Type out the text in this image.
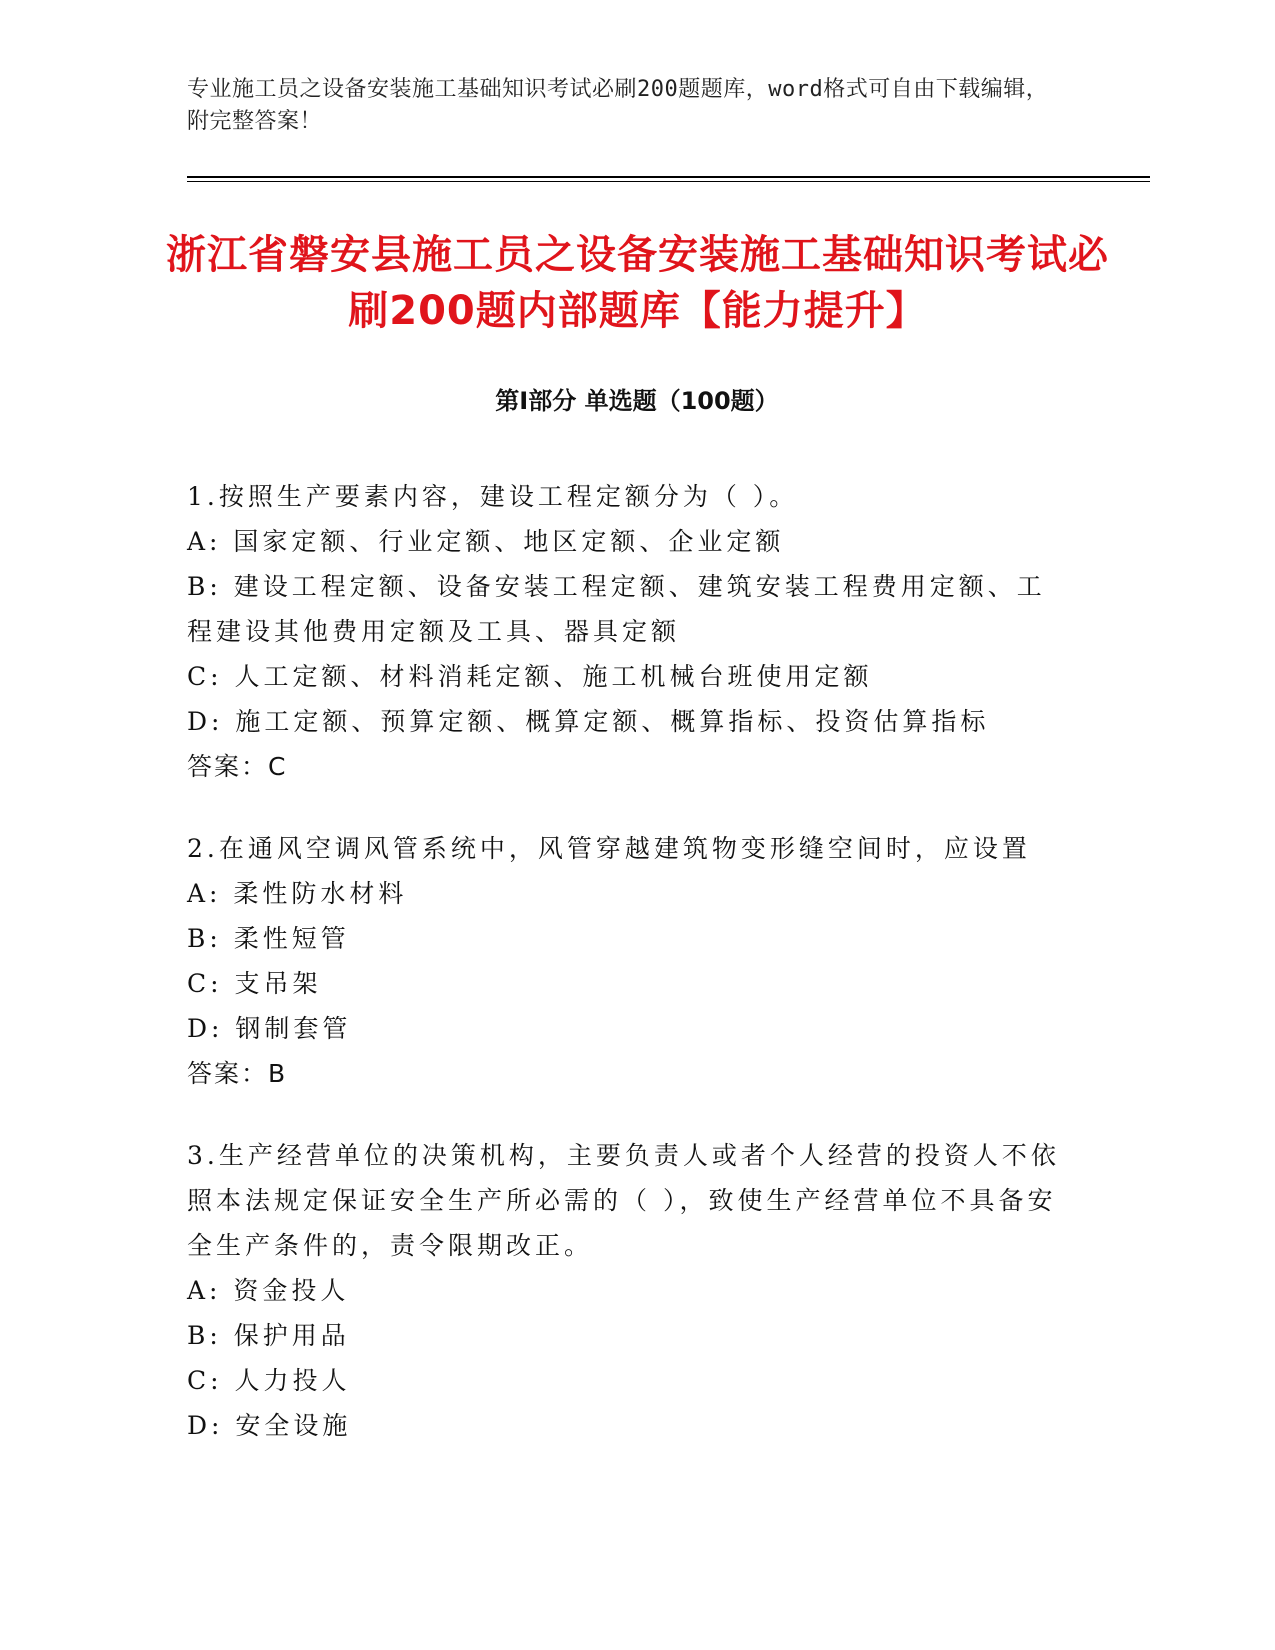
专业施工员之设备安装施工基础知识考试必刷200题题库，word格式可自由下载编辑，附完整答案！
浙江省磐安县施工员之设备安装施工基础知识考试必刷200题内部题库【能力提升】
第I部分 单选题（100题）
1.按照生产要素内容，建设工程定额分为（ ）。
A: 国家定额、行业定额、地区定额、企业定额
B: 建设工程定额、设备安装工程定额、建筑安装工程费用定额、工程建设其他费用定额及工具、器具定额
C: 人工定额、材料消耗定额、施工机械台班使用定额
D: 施工定额、预算定额、概算定额、概算指标、投资估算指标
答案：C
2.在通风空调风管系统中，风管穿越建筑物变形缝空间时，应设置
A: 柔性防水材料
B: 柔性短管
C: 支吊架
D: 钢制套管
答案：B
3.生产经营单位的决策机构，主要负责人或者个人经营的投资人不依照本法规定保证安全生产所必需的（ ），致使生产经营单位不具备安全生产条件的，责令限期改正。
A: 资金投人
B: 保护用品
C: 人力投人
D: 安全设施
